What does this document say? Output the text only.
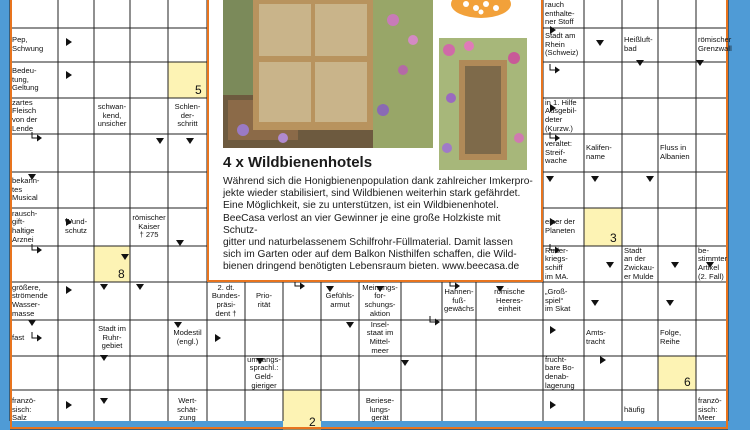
Pep,
Schwung
Bedeu-
tung,
Geltung
zartes
Fleisch
von der
Lende
schwan-
kend,
unsicher
Schlen-
der-
schritt
bekann-
tes
Musical
rausch-
gift-
haltige
Arznei
Wund-
schutz
römischer
Kaiser
† 275
größere,
strömende
Wasser-
masse
fast
Stadt im
Ruhr-
gebiet
Modestil
(engl.)
franzö-
sisch:
Salz
Wert-
schät-
zung
2. dt.
Bundes-
präsi-
dent †
Prio-
rität
Gefühls-
armut
Meinungs-
for-
schungs-
aktion
Hahnen-
fuß-
gewächs
römische
Heeres-
einheit
„Groß-
spiel“
im Skat
umgangs-
sprachl.:
Geld-
gieriger
Insel-
staat im
Mittel-
meer
Beriese-
lungs-
gerät
rauch
enthalte-
ner Stoff
Stadt am
Rhein
(Schweiz)
Heißluft-
bad
römischer
Grenzwall
in 1. Hilfe
Ausgebil-
deter
(Kurzw.)
veraltet:
Streif-
wache
Kalifen-
name
Fluss in
Albanien
einer der
Planeten
Ruder-
kriegs-
schiff
im MA.
Stadt
an der
Zwickau-
er Mulde
be-
stimmter
Artikel
(2. Fall)
Amts-
tracht
Folge,
Reihe
frucht-
bare Bo-
denab-
lagerung
häufig
franzö-
sisch:
Meer
5
8
2
3
6
4 x Wildbienenhotels
Während sich die Honigbienenpopulation dank zahlreicher Imkerpro-
jekte wieder stabilisiert, sind Wildbienen weiterhin stark gefährdet.
Eine Möglichkeit, sie zu unterstützen, ist ein Wildbienenhotel.
BeeCasa verlost an vier Gewinner je eine große Holzkiste mit Schutz-
gitter und naturbelassenem Schilfrohr-Füllmaterial. Damit lassen
sich im Garten oder auf dem Balkon Nisthilfen schaffen, die Wild-
bienen dringend benötigten Lebensraum bieten. www.beecasa.de
